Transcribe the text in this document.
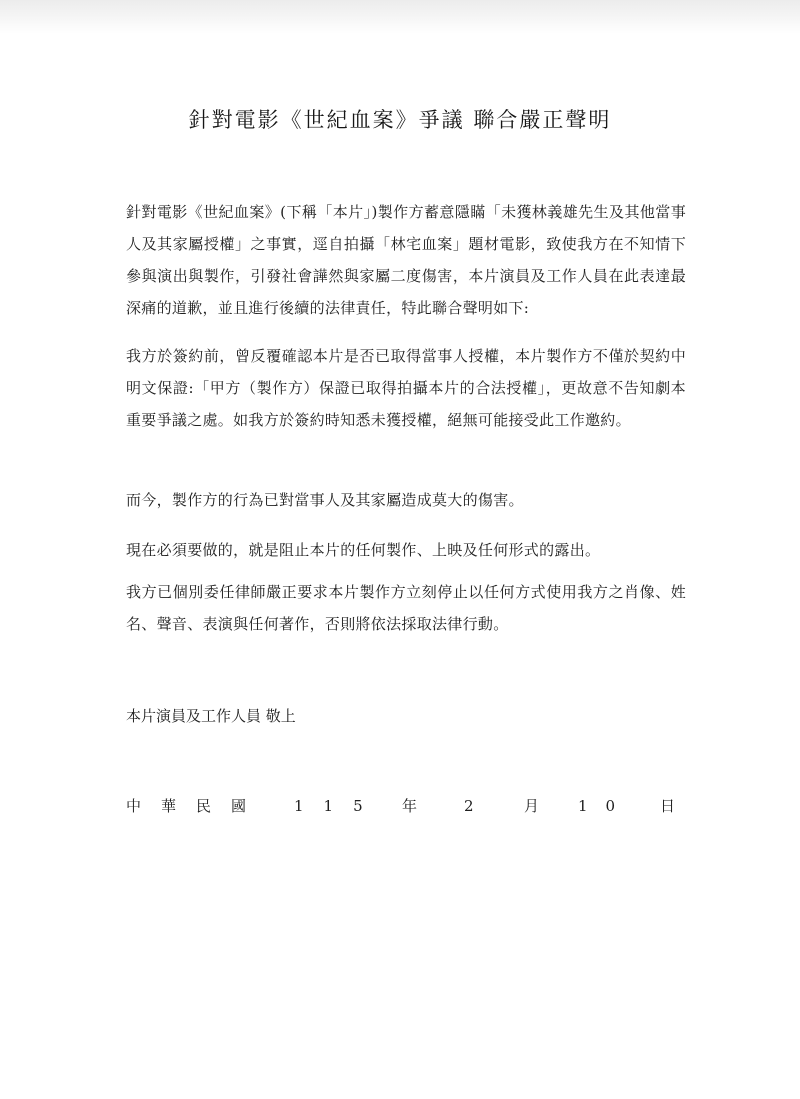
針對電影《世紀血案》爭議 聯合嚴正聲明

針對電影《世紀血案》(下稱「本片」)製作方蓄意隱瞞「未獲林義雄先生及其他當事人及其家屬授權」之事實，逕自拍攝「林宅血案」題材電影，致使我方在不知情下參與演出與製作，引發社會譁然與家屬二度傷害，本片演員及工作人員在此表達最深痛的道歉，並且進行後續的法律責任，特此聯合聲明如下:

我方於簽約前，曾反覆確認本片是否已取得當事人授權，本片製作方不僅於契約中明文保證:「甲方（製作方）保證已取得拍攝本片的合法授權」，更故意不告知劇本重要爭議之處。如我方於簽約時知悉未獲授權，絕無可能接受此工作邀約。

而今，製作方的行為已對當事人及其家屬造成莫大的傷害。

現在必須要做的，就是阻止本片的任何製作、上映及任何形式的露出。

我方已個別委任律師嚴正要求本片製作方立刻停止以任何方式使用我方之肖像、姓名、聲音、表演與任何著作，否則將依法採取法律行動。

本片演員及工作人員 敬上
中華民國 115 年	2	月	10 日
